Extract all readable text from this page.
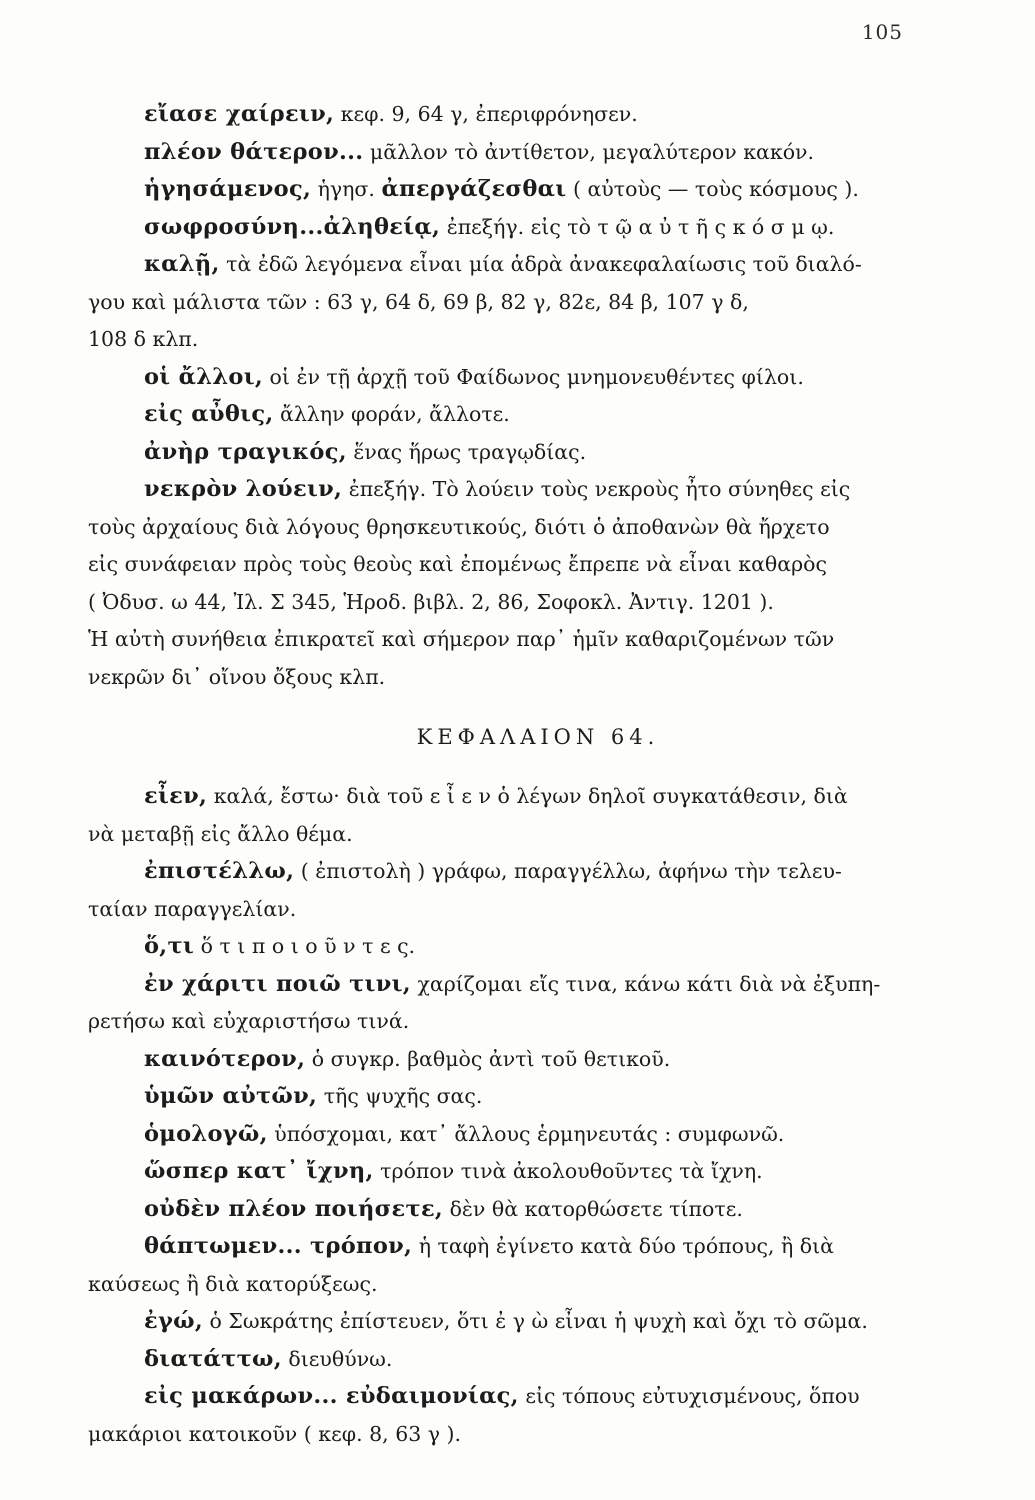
105
εἴασε χαίρειν, κεφ. 9, 64 γ, ἐπεριφρόνησεν.
πλέον θάτερον... μᾶλλον τὸ ἀντίθετον, μεγαλύτερον κακόν.
ἡγησάμενος, ἡγησ. ἀπεργάζεσθαι ( αὐτοὺς — τοὺς κόσμους ).
σωφροσύνη...ἀληθείᾳ, ἐπεξήγ. εἰς τὸ τ ῷ α ὐ τ ῆ ς κ ό σ μ ῳ.
καλῇ, τὰ ἐδῶ λεγόμενα εἶναι μία ἁδρὰ ἀνακεφαλαίωσις τοῦ διαλό-
γου καὶ μάλιστα τῶν : 63 γ, 64 δ, 69 β, 82 γ, 82ε, 84 β, 107 γ δ,
108 δ κλπ.
οἱ ἄλλοι, οἱ ἐν τῇ ἀρχῇ τοῦ Φαίδωνος μνημονευθέντες φίλοι.
εἰς αὖθις, ἄλλην φοράν, ἄλλοτε.
ἀνὴρ τραγικός, ἕνας ἥρως τραγῳδίας.
νεκρὸν λούειν, ἐπεξήγ. Τὸ λούειν τοὺς νεκροὺς ἦτο σύνηθες εἰς
τοὺς ἀρχαίους διὰ λόγους θρησκευτικούς, διότι ὁ ἀποθανὼν θὰ ἤρχετο
εἰς συνάφειαν πρὸς τοὺς θεοὺς καὶ ἐπομένως ἔπρεπε νὰ εἶναι καθαρὸς
( Ὀδυσ. ω 44, Ἰλ. Σ 345, Ἡροδ. βιβλ. 2, 86, Σοφοκλ. Ἀντιγ. 1201 ).
Ἡ αὐτὴ συνήθεια ἐπικρατεῖ καὶ σήμερον παρ᾽ ἡμῖν καθαριζομένων τῶν
νεκρῶν δι᾽ οἴνου ὄξους κλπ.
ΚΕΦΑΛΑΙΟΝ 64.
εἶεν, καλά, ἔστω· διὰ τοῦ ε ἶ ε ν ὁ λέγων δηλοῖ συγκατάθεσιν, διὰ
νὰ μεταβῇ εἰς ἄλλο θέμα.
ἐπιστέλλω, ( ἐπιστολὴ ) γράφω, παραγγέλλω, ἀφήνω τὴν τελευ-
ταίαν παραγγελίαν.
ὅ,τι ὅ τ ι π ο ι ο ῦ ν τ ε ς.
ἐν χάριτι ποιῶ τινι, χαρίζομαι εἴς τινα, κάνω κάτι διὰ νὰ ἐξυπη-
ρετήσω καὶ εὐχαριστήσω τινά.
καινότερον, ὁ συγκρ. βαθμὸς ἀντὶ τοῦ θετικοῦ.
ὑμῶν αὐτῶν, τῆς ψυχῆς σας.
ὁμολογῶ, ὑπόσχομαι, κατ᾽ ἄλλους ἑρμηνευτάς : συμφωνῶ.
ὥσπερ κατ᾽ ἴχνη, τρόπον τινὰ ἀκολουθοῦντες τὰ ἴχνη.
οὐδὲν πλέον ποιήσετε, δὲν θὰ κατορθώσετε τίποτε.
θάπτωμεν... τρόπον, ἡ ταφὴ ἐγίνετο κατὰ δύο τρόπους, ἢ διὰ
καύσεως ἢ διὰ κατορύξεως.
ἐγώ, ὁ Σωκράτης ἐπίστευεν, ὅτι ἐ γ ὼ εἶναι ἡ ψυχὴ καὶ ὄχι τὸ σῶμα.
διατάττω, διευθύνω.
εἰς μακάρων... εὐδαιμονίας, εἰς τόπους εὐτυχισμένους, ὅπου
μακάριοι κατοικοῦν ( κεφ. 8, 63 γ ).
